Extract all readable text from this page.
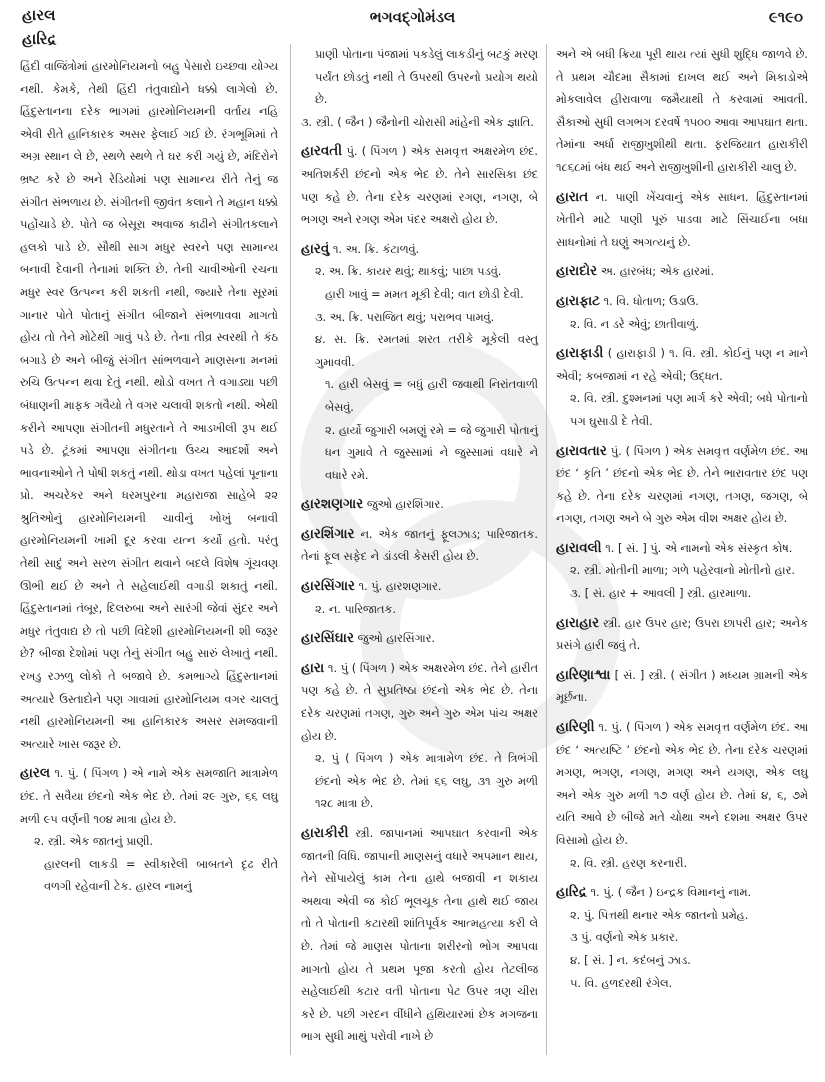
હારલ
હારિદ્ર
ભગવદ્ગોમંડલ	૯૧૯૦

હિંદી વાજિંત્રોમાં હારમોનિયમનો બહુ પેસારો ઇચ્છવા યોગ્ય નથી. કેમકે, તેથી હિંદી તંતુવાદ્યોને ધક્કો લાગેલો છે. હિંદુસ્તાનના દરેક ભાગમાં હારમોનિયમની વર્તાય નહિ એવી રીતે હાનિકારક અસર ફેલાઈ ગઈ છે. રંગભૂમિમાં તે અગ્ર સ્થાન લે છે, સ્થળે સ્થળે તે ઘર કરી ગયું છે, મંદિરોને ભ્રષ્ટ કરે છે અને રેડિયોમાં પણ સામાન્ય રીતે તેનું જ સંગીત સંભળાય છે. સંગીતની જીવંત કલાને તે મહાન ધક્કો પહોંચાડે છે. પોતે જ બેસૂરા અવાજ કાઢીને સંગીતકલાને હલકો પાડે છે. સૌથી સાગ મધુર સ્વરને પણ સામાન્ય બનાવી દેવાની તેનામાં શક્તિ છે. તેની ચાવીઓની રચના મધુર સ્વર ઉત્પન્ન કરી શકતી નથી, જ્યારે તેના સૂરમાં ગાનાર પોતે પોતાનું સંગીત બીજાને સંભળાવવા માગતો હોય તો તેને મોટેથી ગાવું પડે છે. તેના તીવ્ર સ્વરથી તે કંઠ બગાડે છે અને બીજું સંગીત સાંભળવાને માણસના મનમાં રુચિ ઉત્પન્ન થવા દેતું નથી. થોડો વખત તે વગાડ્યા પછી બંધાણની માફક ગવૈયો તે વગર ચલાવી શકતો નથી. એથી કરીને આપણા સંગીતની મધુરતાને તે આડખીલી રૂપ થઈ પડે છે. ટૂંકમાં આપણા સંગીતના ઉચ્ચ આદર્શો અને ભાવનાઓને તે પોષી શકતું નથી. થોડા વખત પહેલાં પૂનાના પ્રો. અચરેકર અને ધરમપુરના મહારાજા સાહેબે ૨૨ શ્રુતિઓનું હારમોનિયમની ચાવીનું ખોખું બનાવી હારમોનિયમની ખામી દૂર કરવા યત્ન કર્યો હતો. પરંતુ તેથી સાદું અને સરળ સંગીત થવાને બદલે વિશેષ ગૂંચવણ ઊભી થઈ છે અને તે સહેલાઈથી વગાડી શકાતું નથી. હિંદુસ્તાનમાં તંબૂર, દિલરુબા અને સારંગી જેવાં સુંદર અને મધુર તંતુવાદ્ય છે તો પછી વિદેશી હારમોનિયમની શી જરૂર છે? બીજા દેશોમાં પણ તેનું સંગીત બહુ સારું લેખાતું નથી. રખડુ રઝળુ લોકો તે બજાવે છે. કમભાગ્યે હિંદુસ્તાનમાં અત્યારે ઉસ્તાદોને પણ ગાવામાં હારમોનિયમ વગર ચાલતું નથી હારમોનિયમની આ હાનિકારક અસર સમજવાની અત્યારે ખાસ જરૂર છે.

હારલ ૧. પું. ( પિંગળ ) એ નામે એક સમજાતિ માત્રામેળ છંદ. તે સવૈયા છંદનો એક ભેદ છે. તેમાં ૨૯ ગુરુ, ૬૬ લઘુ મળી ૯૫ વર્ણની ૧૦૪ માત્રા હોય છે.

૨. સ્ત્રી. એક જાતનું પ્રાણી.

હારલની લાકડી = સ્વીકારેલી બાબતને દૃઢ રીતે વળગી રહેવાની ટેક. હારલ નામનું

પ્રાણી પોતાના પંજામાં પકડેલું લાકડીનું બટકું મરણ પર્યંત છોડતું નથી તે ઉપરથી ઉપરનો પ્રયોગ થયો છે.

૩. સ્ત્રી. ( જૈન ) જૈનોની ચોરાસી માંહેની એક જ્ઞાતિ.

હારવતી પું. ( પિંગળ ) એક સમવૃત્ત અક્ષરમેળ છંદ. અતિશર્કરી છંદનો એક ભેદ છે. તેને સારસિકા છંદ પણ કહે છે. તેના દરેક ચરણમાં રગણ, નગણ, બે ભગણ અને રગણ એમ પંદર અક્ષરો હોય છે.

હારવું ૧. અ. ક્રિ. કંટાળવું.

૨. અ. ક્રિ. કાયર થવું; થાકવું; પાછા પડવું.

હારી ખાવું = મમત મૂકી દેવી; વાત છોડી દેવી.

૩. અ. ક્રિ. પરાજિત થવું; પરાભવ પામવું.

૪. સ. ક્રિ. રમતમાં શરત તરીકે મૂકેલી વસ્તુ ગુમાવવી.

૧. હારી બેસવું = બધું હારી જવાથી નિરાંતવાળી બેસવું.

૨. હાર્યો જુગારી બમણું રમે = જે જુગારી પોતાનું ધન ગુમાવે તે જુસ્સામાં ને જુસ્સામાં વધારે ને વધારે રમે.

હારશણગાર જુઓ હારશિંગાર.

હારશિંગાર ન. એક જાતનું ફૂલઝાડ; પારિજાતક. તેનાં ફૂલ સફેદ ને ડાંડલી કેસરી હોય છે.

હારસિંગાર ૧. પું. હારશણગાર.

૨. ન. પારિજાતક.

હારસિંઘાર જુઓ હારસિંગાર.

હારા ૧. પું ( પિંગળ ) એક અક્ષરમેળ છંદ. તેને હારીત પણ કહે છે. તે સુપ્રતિષ્ઠા છંદનો એક ભેદ છે. તેના દરેક ચરણમાં તગણ, ગુરુ અને ગુરુ એમ પાંચ અક્ષર હોય છે.

૨. પું ( પિંગળ ) એક માત્રામેળ છંદ. તે ત્રિભંગી છંદનો એક ભેદ છે. તેમાં ૬૬ લઘુ, ૩૧ ગુરુ મળી ૧૨૮ માત્રા છે.

હારાકીરી સ્ત્રી. જાપાનમાં આપઘાત કરવાની એક જાતની વિધિ. જાપાની માણસનું વધારે અપમાન થાય, તેને સોંપાયેલું કામ તેના હાથે બજાવી ન શકાય અથવા એવી જ કોઈ ભૂલચૂક તેના હાથે થઈ જાય તો તે પોતાની કટારથી શાંતિપૂર્વક આત્મહત્યા કરી લે છે. તેમાં જે માણસ પોતાના શરીરનો ભોગ આપવા માગતો હોય તે પ્રથમ પૂજા કરતો હોય તેટલીજ સહેલાઈથી કટાર વતી પોતાના પેટ ઉપર ત્રણ ચીરા કરે છે. પછી ગરદન વીંધીને હથિયારમાં છેક મગજના ભાગ સુધી માથું પરોવી નાખે છે

અને એ બધી ક્રિયા પૂરી થાય ત્યાં સુધી શુદ્ધિ જાળવે છે. તે પ્રથમ ચૌદમા સૈકામાં દાખલ થઈ અને મિકાડોએ મોકલાવેલ હીરાવાળા જમૈયાથી તે કરવામાં આવતી. સૈકાઓ સુધી લગભગ દરવર્ષે ૧૫૦૦ આવા આપઘાત થતા. તેમાંના અર્ધા રાજીખુશીથી થતા. ફરજિયાત હારાકીરી ૧૮૬૮માં બંધ થઈ અને રાજીખુશીની હારાકીરી ચાલુ છે.

હારાત ન. પાણી ખેંચવાનું એક સાધન. હિંદુસ્તાનમાં ખેતીને માટે પાણી પૂરું પાડવા માટે સિંચાઈના બધા સાધનોમાં તે ઘણું અગત્યનું છે.

હારાદોર અ. હારબંધ; એક હારમાં.

હારાફાટ ૧. વિ. ધોતાળ; ઉડાઉ.

૨. વિ. ન ડરે એવું; છાતીવાળું.

હારાફાડી ( હારાફાડી ) ૧. વિ. સ્ત્રી. કોઈનું પણ ન માને એવી; કબજામાં ન રહે એવી; ઉદ્ધત.

૨. વિ. સ્ત્રી. દુશ્મનમાં પણ માર્ગ કરે એવી; બધે પોતાનો પગ ઘુસાડી દે તેવી.

હારાવતાર પું. ( પિંગળ ) એક સમવૃત્ત વર્ણમેળ છંદ. આ છંદ ‘ કૃતિ ’ છંદનો એક ભેદ છે. તેને ભારાવતાર છંદ પણ કહે છે. તેના દરેક ચરણમાં નગણ, તગણ, જગણ, બે નગણ, તગણ અને બે ગુરુ એમ વીશ અક્ષર હોય છે.

હારાવલી ૧. [ સં. ] પું. એ નામનો એક સંસ્કૃત કોષ.

૨. સ્ત્રી. મોતીની માળા; ગળે પહેરવાનો મોતીનો હાર.

૩. [ સં. હાર + આવલી ] સ્ત્રી. હારમાળા.

હારાહાર સ્ત્રી. હાર ઉપર હાર; ઉપરા છાપરી હાર; અનેક પ્રસંગે હારી જવું તે.

હારિણાશ્વા [ સં. ] સ્ત્રી. ( સંગીત ) મધ્યમ ગ્રામની એક મૂર્છના.

હારિણી ૧. પું. ( પિંગળ ) એક સમવૃત્ત વર્ણમેળ છંદ. આ છંદ ‘ અત્યષ્ટિ ’ છંદનો એક ભેદ છે. તેના દરેક ચરણમાં મગણ, ભગણ, નગણ, મગણ અને યગણ, એક લઘુ અને એક ગુરુ મળી ૧૭ વર્ણ હોય છે. તેમાં ૪, ૬, ૭મે યતિ આવે છે બીજે મતે ચોથા અને દશમા અક્ષર ઉપર વિસામો હોય છે.

૨. વિ. સ્ત્રી. હરણ કરનારી.

હારિદ્ર ૧. પું. ( જૈન ) ઇન્દ્રક વિમાનનું નામ.

૨. પું. પિત્તથી થનાર એક જાતનો પ્રમેહ.

૩ પું. વર્ણનો એક પ્રકાર.

૪. [ સં. ] ન. કદંબનું ઝાડ.

૫. વિ. હળદરથી રંગેલ.
